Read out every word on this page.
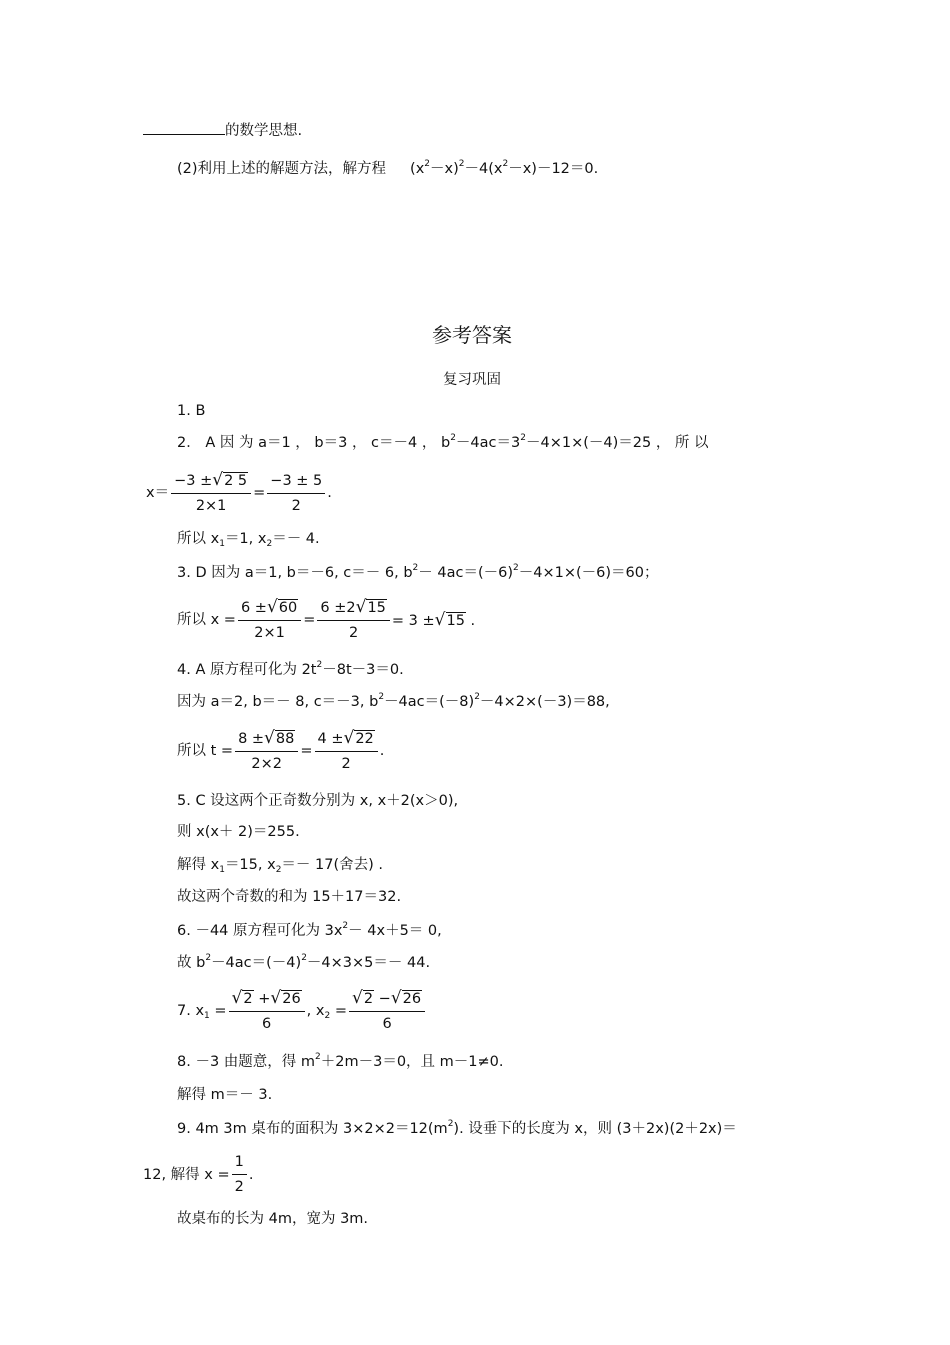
的数学思想.
(2)利用上述的解题方法，解方程 $(x^2-x)^2-4(x^2-x)-12=0$.
参考答案
复习巩固
1. B
2． A 因 为 a＝1 ， b＝3 ， c＝－4 ， $b^2-4ac=3^2-4\times 1\times(-4)=25$ ， 所 以
$x= \frac{-3 \pm√2 5}{2\times 1} = \frac{-3 \pm 5}{2}$ .
所以 $x_1=1$, $x_2=- 4$.
3. D 因为 a＝1, b＝－6, c＝－ 6, $b^2- 4ac=(-6)^2-4\times 1\times(-6)=60$；
所以 $x = \frac{6 \pm√60}{2\times 1} = \frac{6 \pm 2√15}{2} = 3 \pm√15$ .
4. A 原方程可化为 $2t^2-8t-3=0$.
因为 a＝2, b＝－ 8, c＝－3, $b^2-4ac=(-8)^2-4\times 2\times(-3)=88$,
所以 $t = \frac{8 \pm√88}{2\times 2} = \frac{4 \pm√22}{2}$ .
5. C 设这两个正奇数分别为 x, x＋2(x＞0),
则 x(x＋ 2)＝255.
解得 $x_1=15$, $x_2=- 17$(舍去) .
故这两个奇数的和为 15＋17＝32.
6. －44 原方程可化为 $3x^2- 4x+5= 0$,
故 $b^2-4ac=(-4)^2-4\times 3\times 5=- 44$.
7. $x_1 = \frac{√2 +√26}{6}$ , $x_2 = \frac{√2 -√26}{6}$
8. －3 由题意，得 $m^2+2m-3=0$，且 m－1≠0.
解得 m＝－ 3.
9. 4m 3m 桌布的面积为 $3\times 2\times 2=12(m^2)$. 设垂下的长度为 x，则 (3＋2x)(2＋2x)＝
12, 解得 $x = \frac{1}{2}$ .
故桌布的长为 4m，宽为 3m.
